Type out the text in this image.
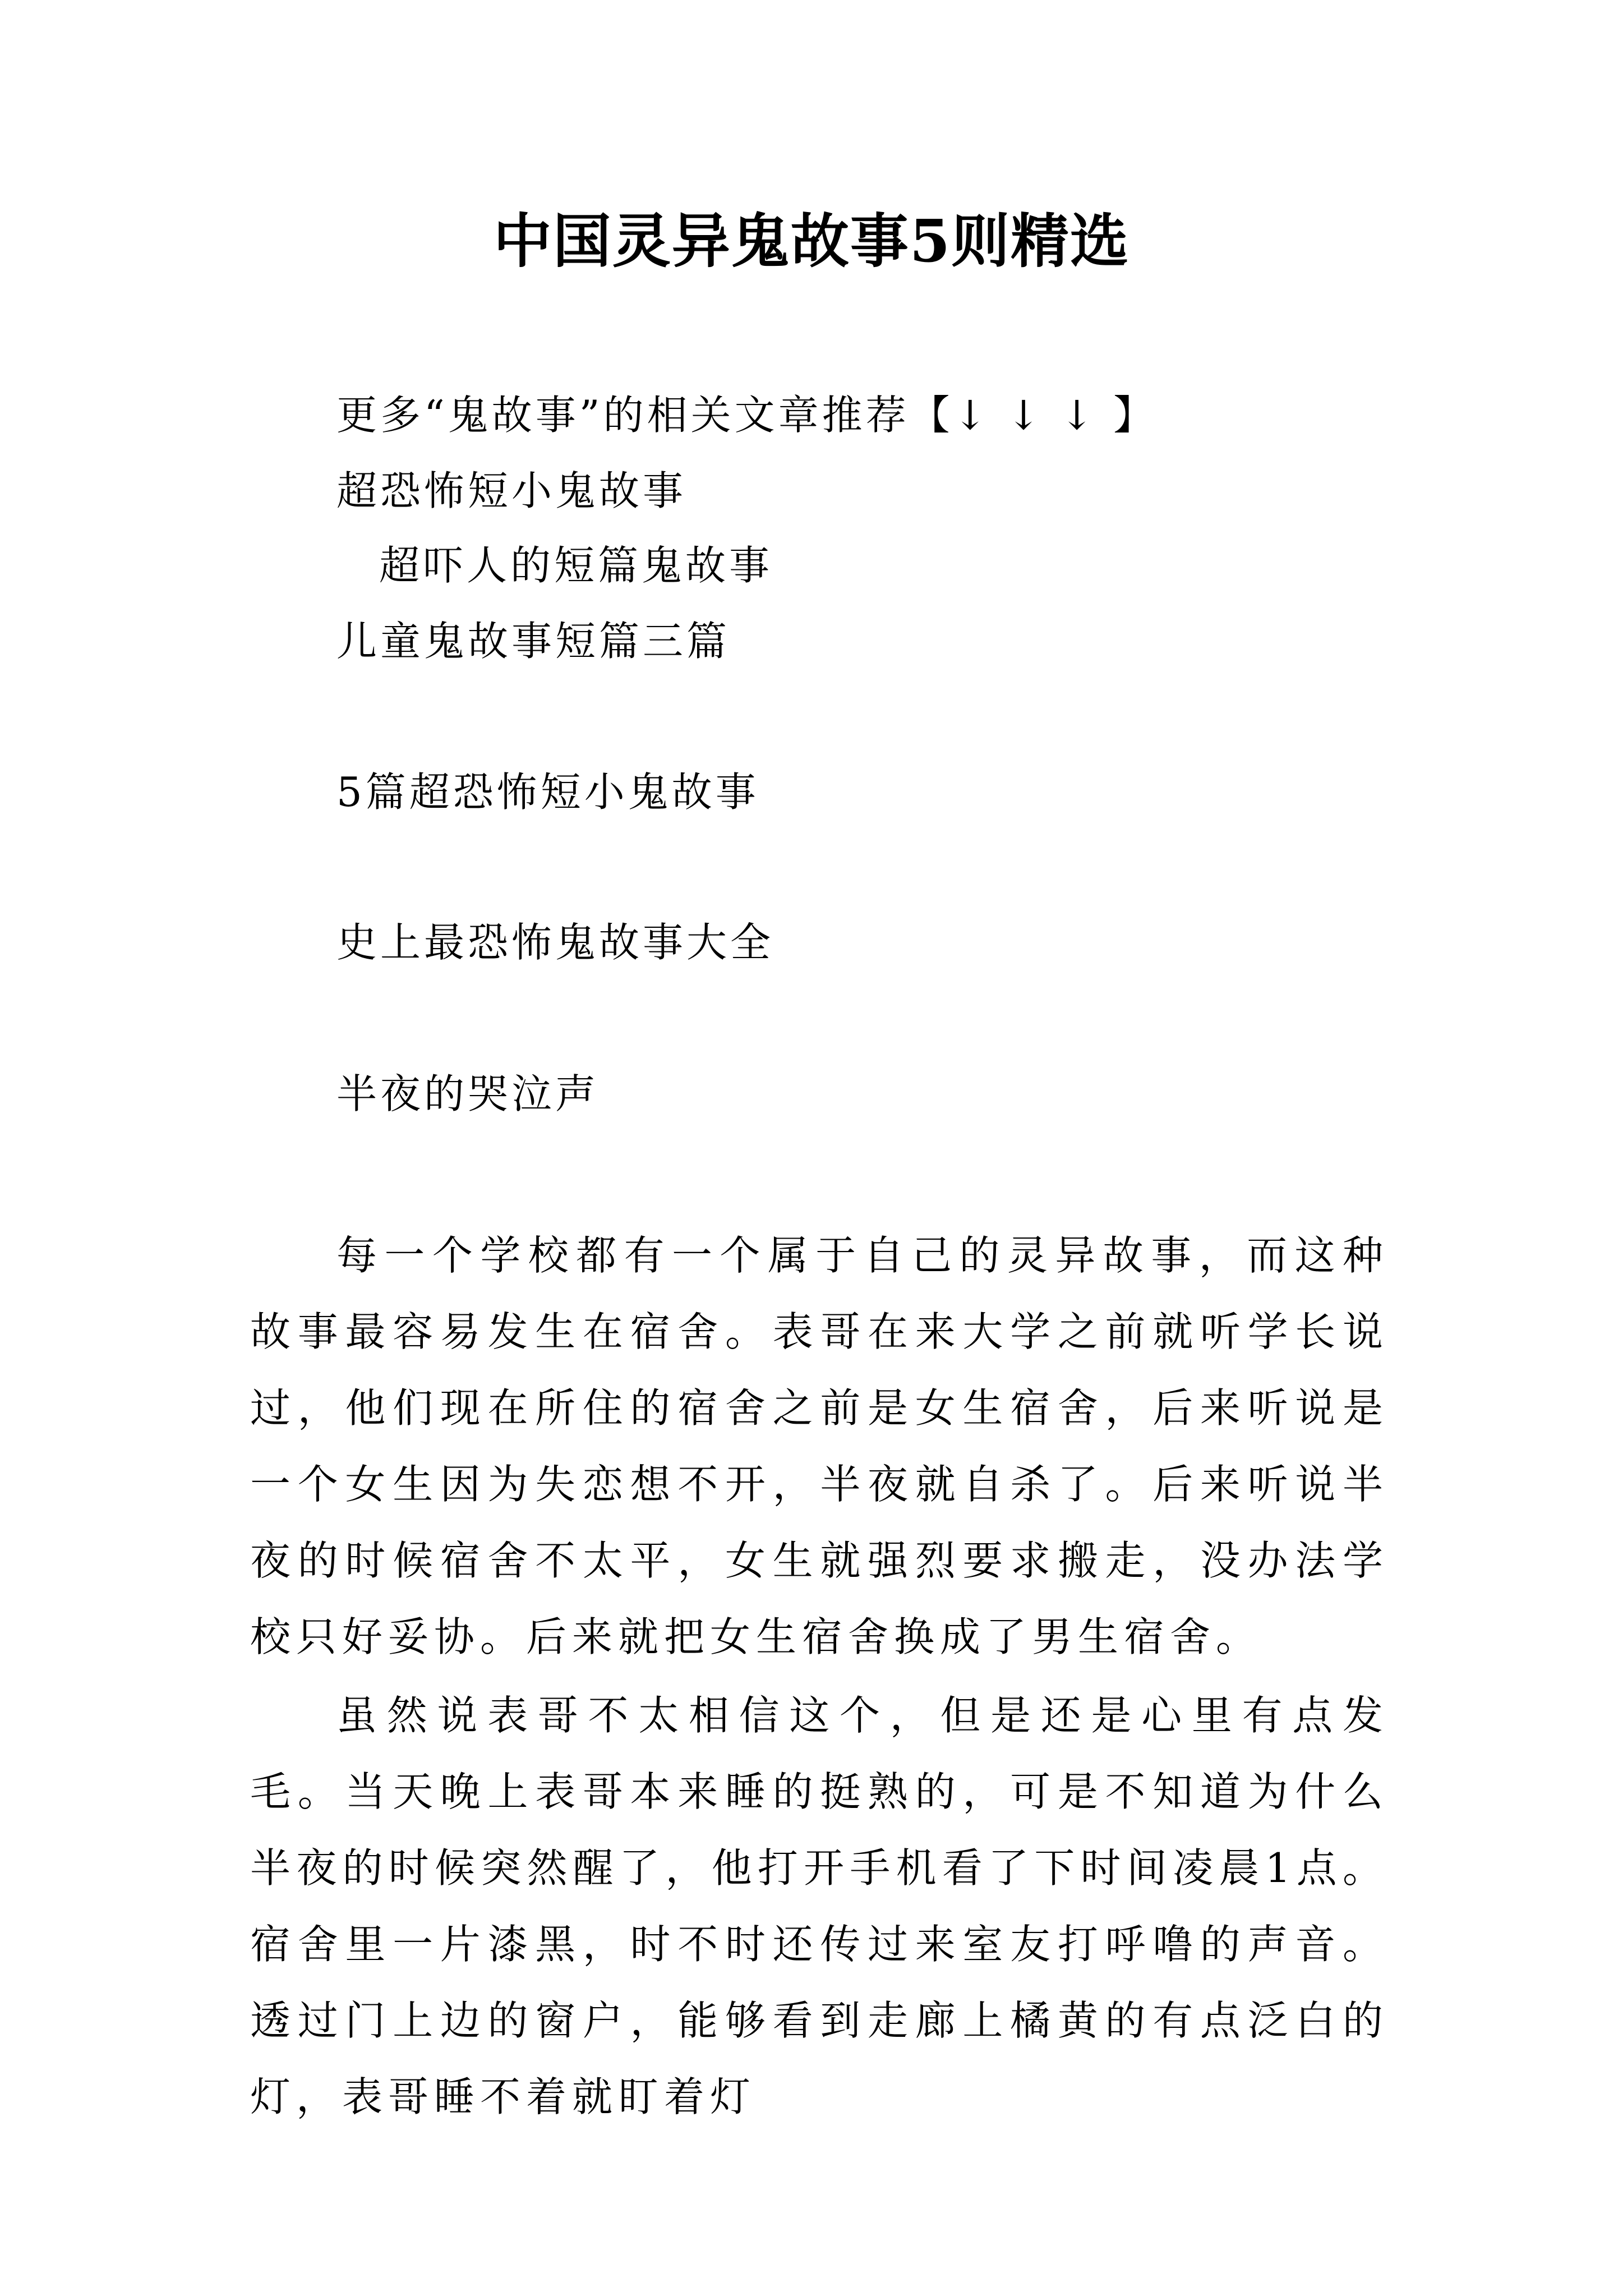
中国灵异鬼故事5则精选
更多“鬼故事”的相关文章推荐【↓ ↓ ↓ 】
超恐怖短小鬼故事
超吓人的短篇鬼故事
儿童鬼故事短篇三篇
5篇超恐怖短小鬼故事
史上最恐怖鬼故事大全
半夜的哭泣声

每一个学校都有一个属于自己的灵异故事，而这种故事最容易发生在宿舍。表哥在来大学之前就听学长说过，他们现在所住的宿舍之前是女生宿舍，后来听说是一个女生因为失恋想不开，半夜就自杀了。后来听说半夜的时候宿舍不太平，女生就强烈要求搬走，没办法学校只好妥协。后来就把女生宿舍换成了男生宿舍。

虽然说表哥不太相信这个，但是还是心里有点发毛。当天晚上表哥本来睡的挺熟的，可是不知道为什么半夜的时候突然醒了，他打开手机看了下时间凌晨1点。宿舍里一片漆黑，时不时还传过来室友打呼噜的声音。透过门上边的窗户，能够看到走廊上橘黄的有点泛白的灯，表哥睡不着就盯着灯
